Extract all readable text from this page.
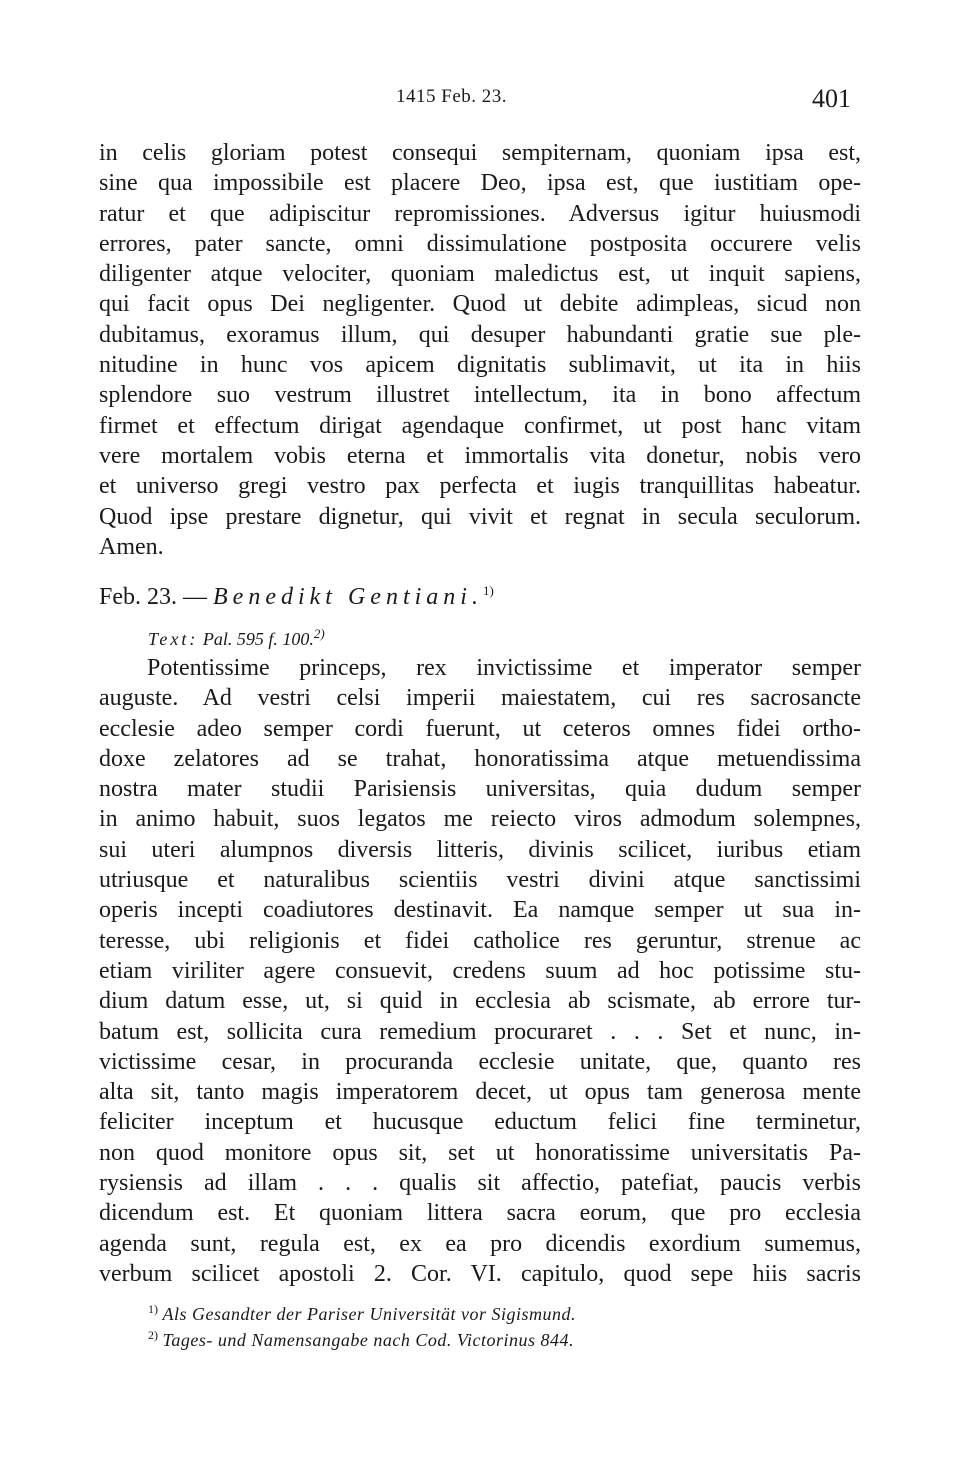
1415 Feb. 23.	401
in celis gloriam potest consequi sempiternam, quoniam ipsa est,
sine qua impossibile est placere Deo, ipsa est, que iustitiam ope-
ratur et que adipiscitur repromissiones. Adversus igitur huiusmodi
errores, pater sancte, omni dissimulatione postposita occurere velis
diligenter atque velociter, quoniam maledictus est, ut inquit sapiens,
qui facit opus Dei negligenter. Quod ut debite adimpleas, sicud non
dubitamus, exoramus illum, qui desuper habundanti gratie sue ple-
nitudine in hunc vos apicem dignitatis sublimavit, ut ita in hiis
splendore suo vestrum illustret intellectum, ita in bono affectum
firmet et effectum dirigat agendaque confirmet, ut post hanc vitam
vere mortalem vobis eterna et immortalis vita donetur, nobis vero
et universo gregi vestro pax perfecta et iugis tranquillitas habeatur.
Quod ipse prestare dignetur, qui vivit et regnat in secula seculorum.
Amen.
Feb. 23. — Benedikt Gentiani.$^{1)}$
Text: Pal. 595 f. 100.$^{2)}$
Potentissime princeps, rex invictissime et imperator semper
auguste. Ad vestri celsi imperii maiestatem, cui res sacrosancte
ecclesie adeo semper cordi fuerunt, ut ceteros omnes fidei ortho-
doxe zelatores ad se trahat, honoratissima atque metuendissima
nostra mater studii Parisiensis universitas, quia dudum semper
in animo habuit, suos legatos me reiecto viros admodum solempnes,
sui uteri alumpnos diversis litteris, divinis scilicet, iuribus etiam
utriusque et naturalibus scientiis vestri divini atque sanctissimi
operis incepti coadiutores destinavit. Ea namque semper ut sua in-
teresse, ubi religionis et fidei catholice res geruntur, strenue ac
etiam viriliter agere consuevit, credens suum ad hoc potissime stu-
dium datum esse, ut, si quid in ecclesia ab scismate, ab errore tur-
batum est, sollicita cura remedium procuraret . . . Set et nunc, in-
victissime cesar, in procuranda ecclesie unitate, que, quanto res
alta sit, tanto magis imperatorem decet, ut opus tam generosa mente
feliciter inceptum et hucusque eductum felici fine terminetur,
non quod monitore opus sit, set ut honoratissime universitatis Pa-
rysiensis ad illam . . . qualis sit affectio, patefiat, paucis verbis
dicendum est. Et quoniam littera sacra eorum, que pro ecclesia
agenda sunt, regula est, ex ea pro dicendis exordium sumemus,
verbum scilicet apostoli 2. Cor. VI. capitulo, quod sepe hiis sacris
$^{1)}$ Als Gesandter der Pariser Universität vor Sigismund.
$^{2)}$ Tages- und Namensangabe nach Cod. Victorinus 844.
